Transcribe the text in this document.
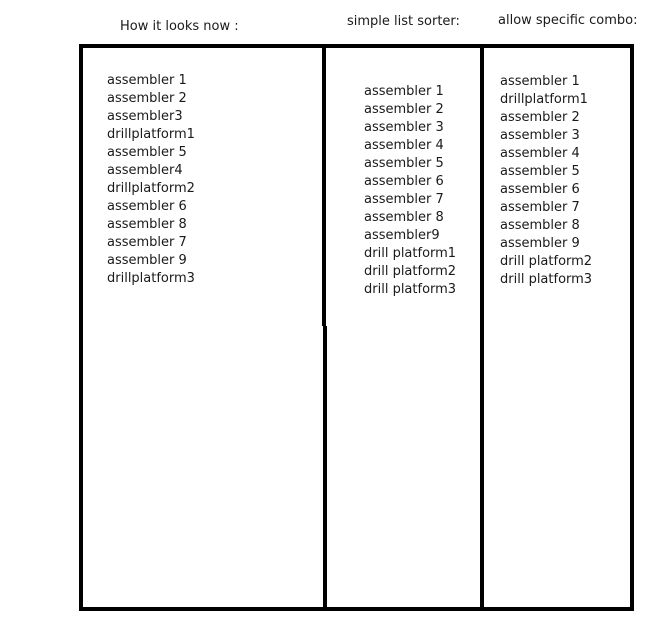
How it looks now :	simple list sorter:	allow specific combo:
assembler 1
assembler 2
assembler3
drillplatform1
assembler 5
assembler4
drillplatform2
assembler 6
assembler 8
assembler 7
assembler 9
drillplatform3
assembler 1
assembler 2
assembler 3
assembler 4
assembler 5
assembler 6
assembler 7
assembler 8
assembler9
drill platform1
drill platform2
drill platform3
assembler 1
drillplatform1
assembler 2
assembler 3
assembler 4
assembler 5
assembler 6
assembler 7
assembler 8
assembler 9
drill platform2
drill platform3
